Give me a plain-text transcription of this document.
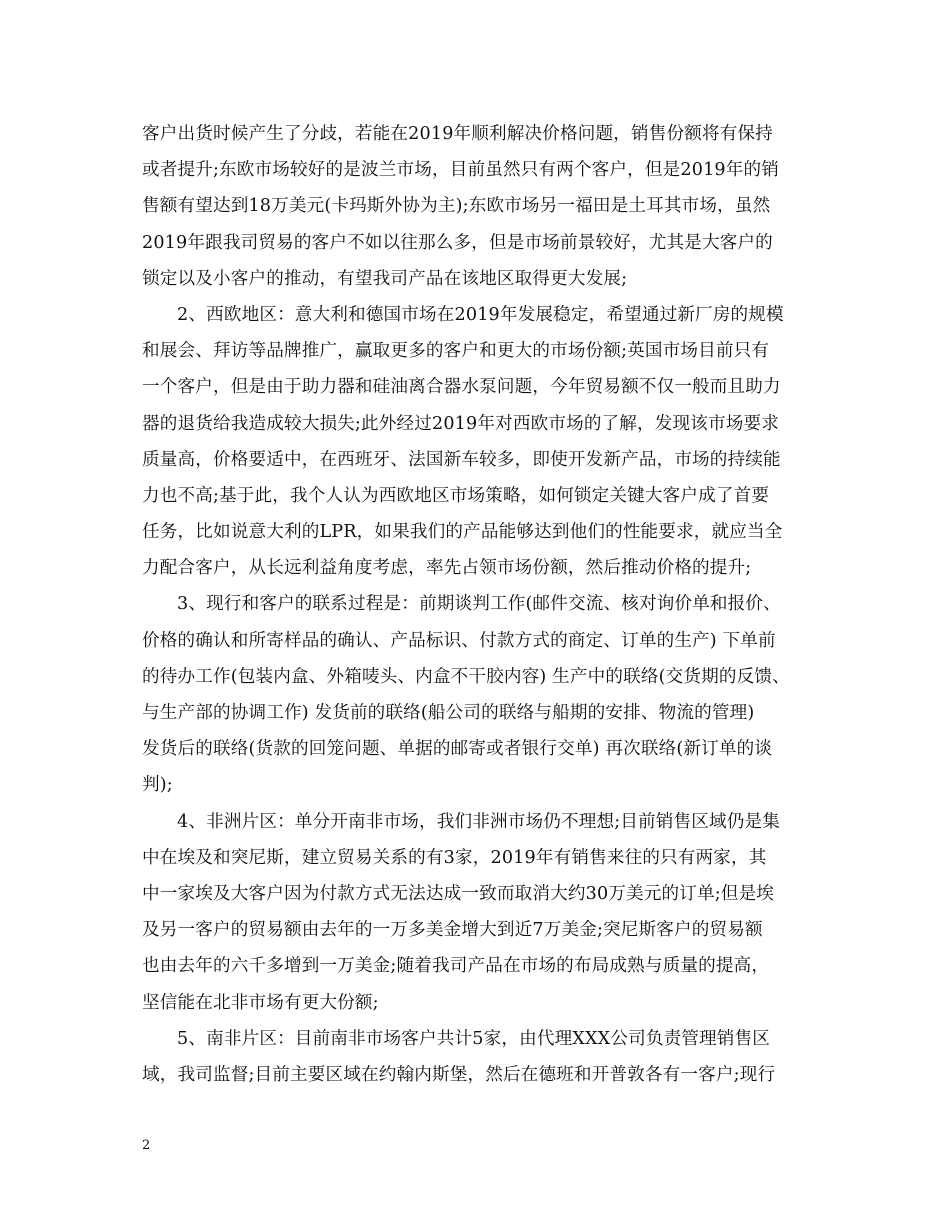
客户出货时候产生了分歧，若能在2019年顺利解决价格问题，销售份额将有保持
或者提升;东欧市场较好的是波兰市场，目前虽然只有两个客户，但是2019年的销
售额有望达到18万美元(卡玛斯外协为主);东欧市场另一福田是土耳其市场，虽然
2019年跟我司贸易的客户不如以往那么多，但是市场前景较好，尤其是大客户的
锁定以及小客户的推动，有望我司产品在该地区取得更大发展;
2、西欧地区：意大利和德国市场在2019年发展稳定，希望通过新厂房的规模
和展会、拜访等品牌推广，赢取更多的客户和更大的市场份额;英国市场目前只有
一个客户，但是由于助力器和硅油离合器水泵问题，今年贸易额不仅一般而且助力
器的退货给我造成较大损失;此外经过2019年对西欧市场的了解，发现该市场要求
质量高，价格要适中，在西班牙、法国新车较多，即使开发新产品，市场的持续能
力也不高;基于此，我个人认为西欧地区市场策略，如何锁定关键大客户成了首要
任务，比如说意大利的LPR，如果我们的产品能够达到他们的性能要求，就应当全
力配合客户，从长远利益角度考虑，率先占领市场份额，然后推动价格的提升;
3、现行和客户的联系过程是：前期谈判工作(邮件交流、核对询价单和报价、
价格的确认和所寄样品的确认、产品标识、付款方式的商定、订单的生产) 下单前
的待办工作(包装内盒、外箱唛头、内盒不干胶内容) 生产中的联络(交货期的反馈、
与生产部的协调工作) 发货前的联络(船公司的联络与船期的安排、物流的管理)
发货后的联络(货款的回笼问题、单据的邮寄或者银行交单) 再次联络(新订单的谈
判);
4、非洲片区：单分开南非市场，我们非洲市场仍不理想;目前销售区域仍是集
中在埃及和突尼斯，建立贸易关系的有3家，2019年有销售来往的只有两家，其
中一家埃及大客户因为付款方式无法达成一致而取消大约30万美元的订单;但是埃
及另一客户的贸易额由去年的一万多美金增大到近7万美金;突尼斯客户的贸易额
也由去年的六千多增到一万美金;随着我司产品在市场的布局成熟与质量的提高，
坚信能在北非市场有更大份额;
5、南非片区：目前南非市场客户共计5家，由代理XXX公司负责管理销售区
域，我司监督;目前主要区域在约翰内斯堡，然后在德班和开普敦各有一客户;现行
2
